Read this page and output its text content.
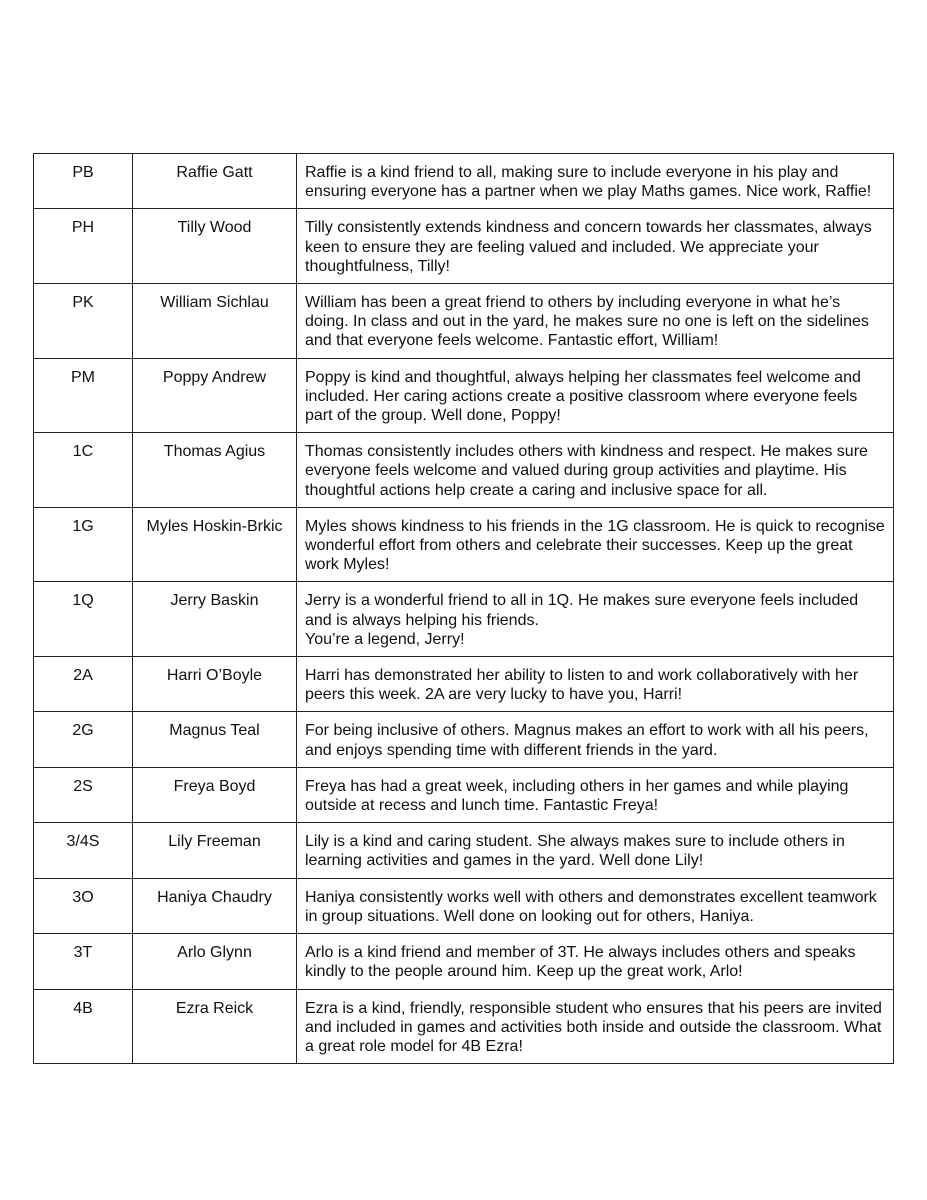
PB	Raffie Gatt	Raffie is a kind friend to all, making sure to include everyone in his play and ensuring everyone has a partner when we play Maths games. Nice work, Raffie!
PH	Tilly Wood	Tilly consistently extends kindness and concern towards her classmates, always keen to ensure they are feeling valued and included. We appreciate your thoughtfulness, Tilly!
PK	William Sichlau	William has been a great friend to others by including everyone in what he’s doing. In class and out in the yard, he makes sure no one is left on the sidelines and that everyone feels welcome. Fantastic effort, William!
PM	Poppy Andrew	Poppy is kind and thoughtful, always helping her classmates feel welcome and included. Her caring actions create a positive classroom where everyone feels part of the group. Well done, Poppy!
1C	Thomas Agius	Thomas consistently includes others with kindness and respect. He makes sure everyone feels welcome and valued during group activities and playtime. His thoughtful actions help create a caring and inclusive space for all.
1G	Myles Hoskin-Brkic	Myles shows kindness to his friends in the 1G classroom. He is quick to recognise wonderful effort from others and celebrate their successes. Keep up the great work Myles!
1Q	Jerry Baskin	Jerry is a wonderful friend to all in 1Q. He makes sure everyone feels included and is always helping his friends.
You’re a legend, Jerry!
2A	Harri O’Boyle	Harri has demonstrated her ability to listen to and work collaboratively with her peers this week. 2A are very lucky to have you, Harri!
2G	Magnus Teal	For being inclusive of others. Magnus makes an effort to work with all his peers, and enjoys spending time with different friends in the yard.
2S	Freya Boyd	Freya has had a great week, including others in her games and while playing outside at recess and lunch time. Fantastic Freya!
3/4S	Lily Freeman	Lily is a kind and caring student. She always makes sure to include others in learning activities and games in the yard. Well done Lily!
3O	Haniya Chaudry	Haniya consistently works well with others and demonstrates excellent teamwork in group situations. Well done on looking out for others, Haniya.
3T	Arlo Glynn	Arlo is a kind friend and member of 3T. He always includes others and speaks kindly to the people around him. Keep up the great work, Arlo!
4B	Ezra Reick	Ezra is a kind, friendly, responsible student who ensures that his peers are invited and included in games and activities both inside and outside the classroom. What a great role model for 4B Ezra!
